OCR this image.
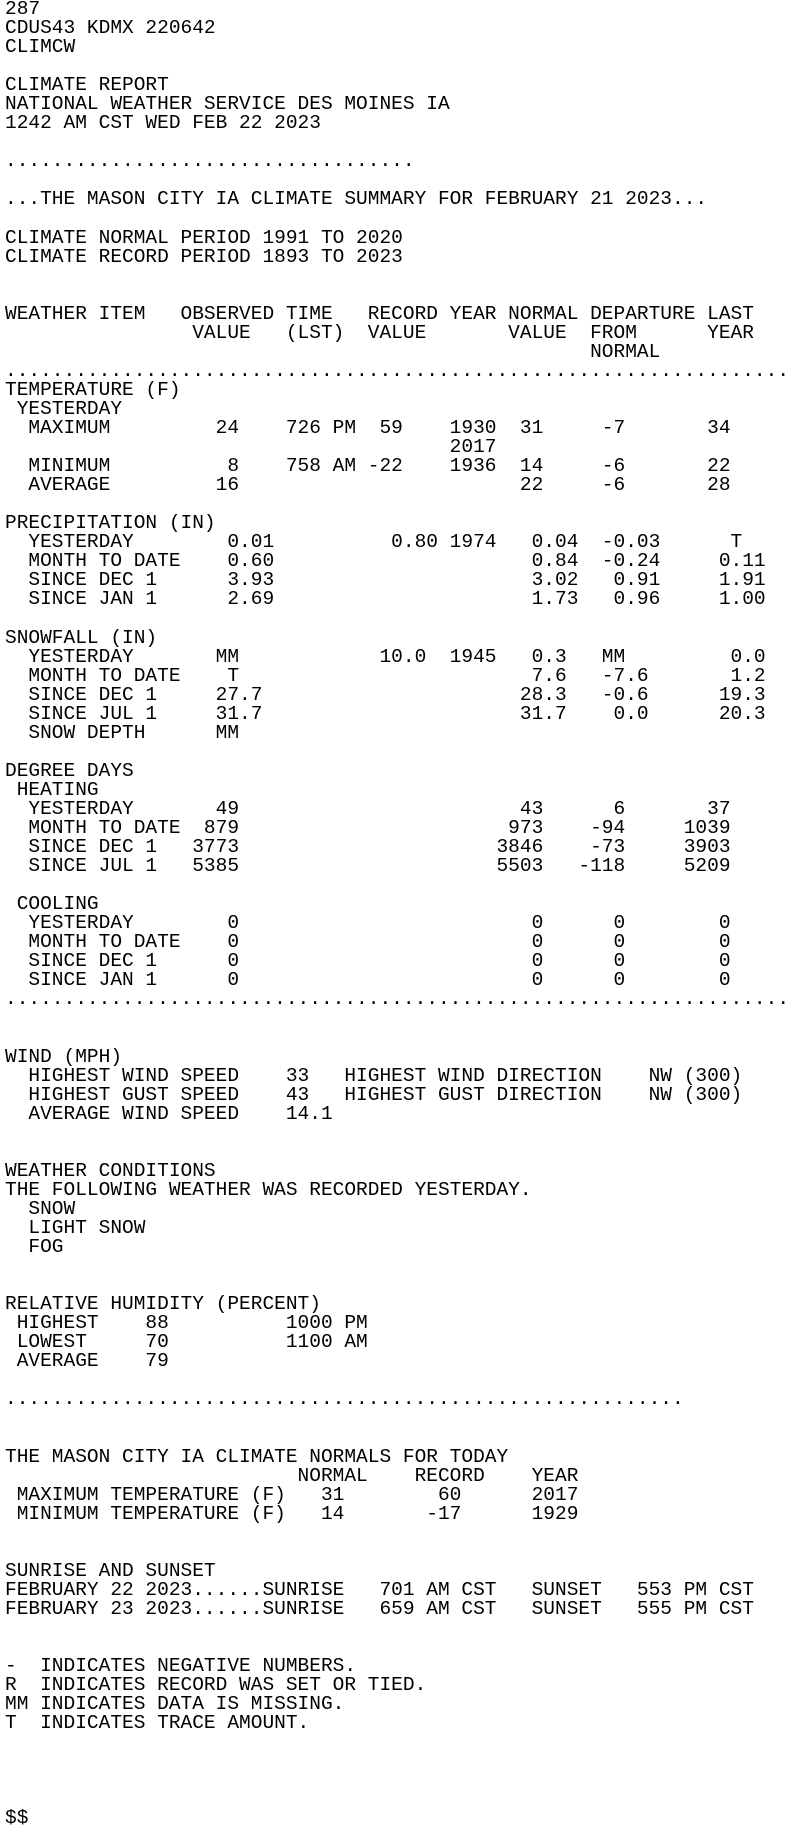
287
CDUS43 KDMX 220642
CLIMCW
CLIMATE REPORT
NATIONAL WEATHER SERVICE DES MOINES IA
1242 AM CST WED FEB 22 2023
...................................
...THE MASON CITY IA CLIMATE SUMMARY FOR FEBRUARY 21 2023...
CLIMATE NORMAL PERIOD 1991 TO 2020
CLIMATE RECORD PERIOD 1893 TO 2023
WEATHER ITEM   OBSERVED TIME   RECORD YEAR NORMAL DEPARTURE LAST
VALUE   (LST)  VALUE       VALUE  FROM      YEAR
NORMAL
...................................................................
TEMPERATURE (F)
YESTERDAY
MAXIMUM         24    726 PM  59    1930  31     -7       34
2017
MINIMUM          8    758 AM -22    1936  14     -6       22
AVERAGE         16                        22     -6       28
PRECIPITATION (IN)
YESTERDAY        0.01          0.80 1974   0.04  -0.03      T
MONTH TO DATE    0.60                      0.84  -0.24     0.11
SINCE DEC 1      3.93                      3.02   0.91     1.91
SINCE JAN 1      2.69                      1.73   0.96     1.00
SNOWFALL (IN)
YESTERDAY       MM            10.0  1945   0.3   MM         0.0
MONTH TO DATE    T                         7.6   -7.6       1.2
SINCE DEC 1     27.7                      28.3   -0.6      19.3
SINCE JUL 1     31.7                      31.7    0.0      20.3
SNOW DEPTH      MM
DEGREE DAYS
HEATING
YESTERDAY       49                        43      6       37
MONTH TO DATE  879                       973    -94     1039
SINCE DEC 1   3773                      3846    -73     3903
SINCE JUL 1   5385                      5503   -118     5209
COOLING
YESTERDAY        0                         0      0        0
MONTH TO DATE    0                         0      0        0
SINCE DEC 1      0                         0      0        0
SINCE JAN 1      0                         0      0        0
...................................................................
WIND (MPH)
HIGHEST WIND SPEED    33   HIGHEST WIND DIRECTION    NW (300)
HIGHEST GUST SPEED    43   HIGHEST GUST DIRECTION    NW (300)
AVERAGE WIND SPEED    14.1
WEATHER CONDITIONS
THE FOLLOWING WEATHER WAS RECORDED YESTERDAY.
SNOW
LIGHT SNOW
FOG
RELATIVE HUMIDITY (PERCENT)
HIGHEST    88          1000 PM
LOWEST     70          1100 AM
AVERAGE    79
..........................................................
THE MASON CITY IA CLIMATE NORMALS FOR TODAY
NORMAL    RECORD    YEAR
MAXIMUM TEMPERATURE (F)   31        60      2017
MINIMUM TEMPERATURE (F)   14       -17      1929
SUNRISE AND SUNSET
FEBRUARY 22 2023......SUNRISE   701 AM CST   SUNSET   553 PM CST
FEBRUARY 23 2023......SUNRISE   659 AM CST   SUNSET   555 PM CST
-  INDICATES NEGATIVE NUMBERS.
R  INDICATES RECORD WAS SET OR TIED.
MM INDICATES DATA IS MISSING.
T  INDICATES TRACE AMOUNT.
$$
